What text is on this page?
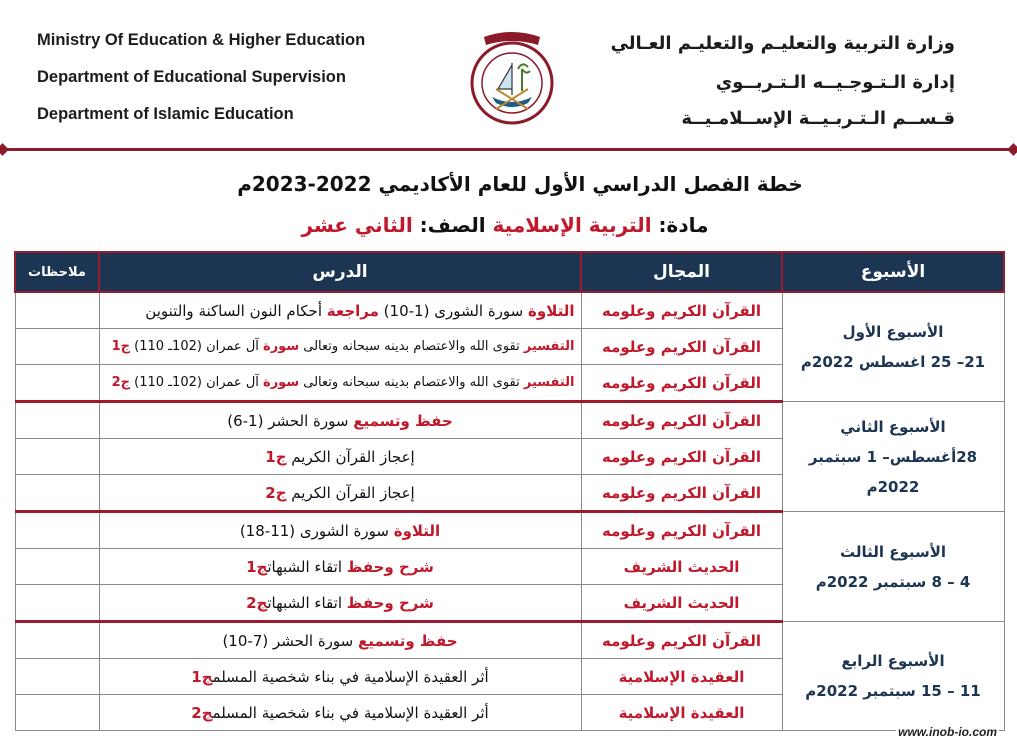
Ministry Of Education & Higher Education
Department of Educational Supervision
Department of Islamic Education
وزارة التربية والتعليـم والتعليـم العـالي
إدارة الـتـوجـيــه الـتـربــوي
قـســم الـتـربـيــة الإســلامـيــة
خطة الفصل الدراسي الأول للعام الأكاديمي 2022-2023م
مادة: التربية الإسلامية الصف: الثاني عشر
الأسبوع	المجال	الدرس	ملاحظات

الأسبوع الأول
21– 25 اغسطس 2022م	القرآن الكريم وعلومه	التلاوة سورة الشورى (1-10) مراجعة أحكام النون الساكنة والتنوين	
	القرآن الكريم وعلومه	التفسير تقوى الله والاعتصام بدينه سبحانه وتعالى سورة آل عمران (102ـ 110) ج1	
	القرآن الكريم وعلومه	التفسير تقوى الله والاعتصام بدينه سبحانه وتعالى سورة آل عمران (102ـ 110) ج2	

الأسبوع الثاني
28أغسطس– 1 سبتمبر
2022م	القرآن الكريم وعلومه	حفظ وتسميع سورة الحشر (1-6)	
	القرآن الكريم وعلومه	إعجاز القرآن الكريم ج1	
	القرآن الكريم وعلومه	إعجاز القرآن الكريم ج2	

الأسبوع الثالث
4 – 8 سبتمبر 2022م	القرآن الكريم وعلومه	التلاوة سورة الشورى (11-18)	
	الحديث الشريف	شرح وحفظ اتقاء الشبهاتج1	
	الحديث الشريف	شرح وحفظ اتقاء الشبهاتج2	

الأسبوع الرابع
11 – 15 سبتمبر 2022م	القرآن الكريم وعلومه	حفظ وتسميع سورة الحشر (7-10)	
	العقيدة الإسلامية	أثر العقيدة الإسلامية في بناء شخصية المسلمج1	
	العقيدة الإسلامية	أثر العقيدة الإسلامية في بناء شخصية المسلمج2	
www.inob-io.com
